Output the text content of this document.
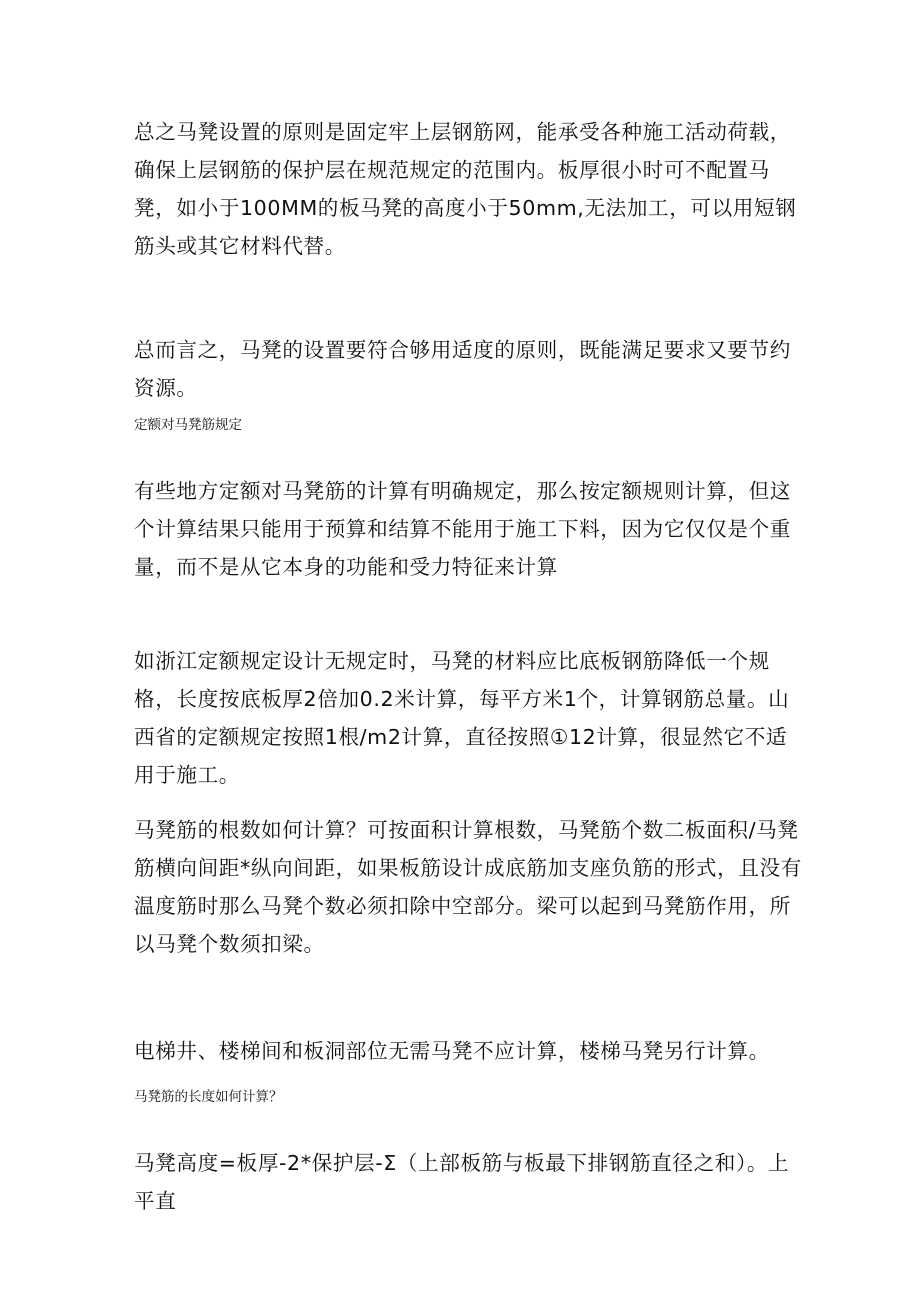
总之马凳设置的原则是固定牢上层钢筋网，能承受各种施工活动荷载，确保上层钢筋的保护层在规范规定的范围内。板厚很小时可不配置马凳，如小于100MM的板马凳的高度小于50mm,无法加工，可以用短钢筋头或其它材料代替。

总而言之，马凳的设置要符合够用适度的原则，既能满足要求又要节约资源。

定额对马凳筋规定

有些地方定额对马凳筋的计算有明确规定，那么按定额规则计算，但这个计算结果只能用于预算和结算不能用于施工下料，因为它仅仅是个重量，而不是从它本身的功能和受力特征来计算

如浙江定额规定设计无规定时，马凳的材料应比底板钢筋降低一个规格，长度按底板厚2倍加0.2米计算，每平方米1个，计算钢筋总量。山西省的定额规定按照1根/m2计算，直径按照①12计算，很显然它不适用于施工。

马凳筋的根数如何计算？可按面积计算根数，马凳筋个数二板面积/马凳筋横向间距*纵向间距，如果板筋设计成底筋加支座负筋的形式，且没有温度筋时那么马凳个数必须扣除中空部分。梁可以起到马凳筋作用，所以马凳个数须扣梁。

电梯井、楼梯间和板洞部位无需马凳不应计算，楼梯马凳另行计算。

马凳筋的长度如何计算？

马凳高度=板厚-2*保护层-Σ（上部板筋与板最下排钢筋直径之和）。上平直
